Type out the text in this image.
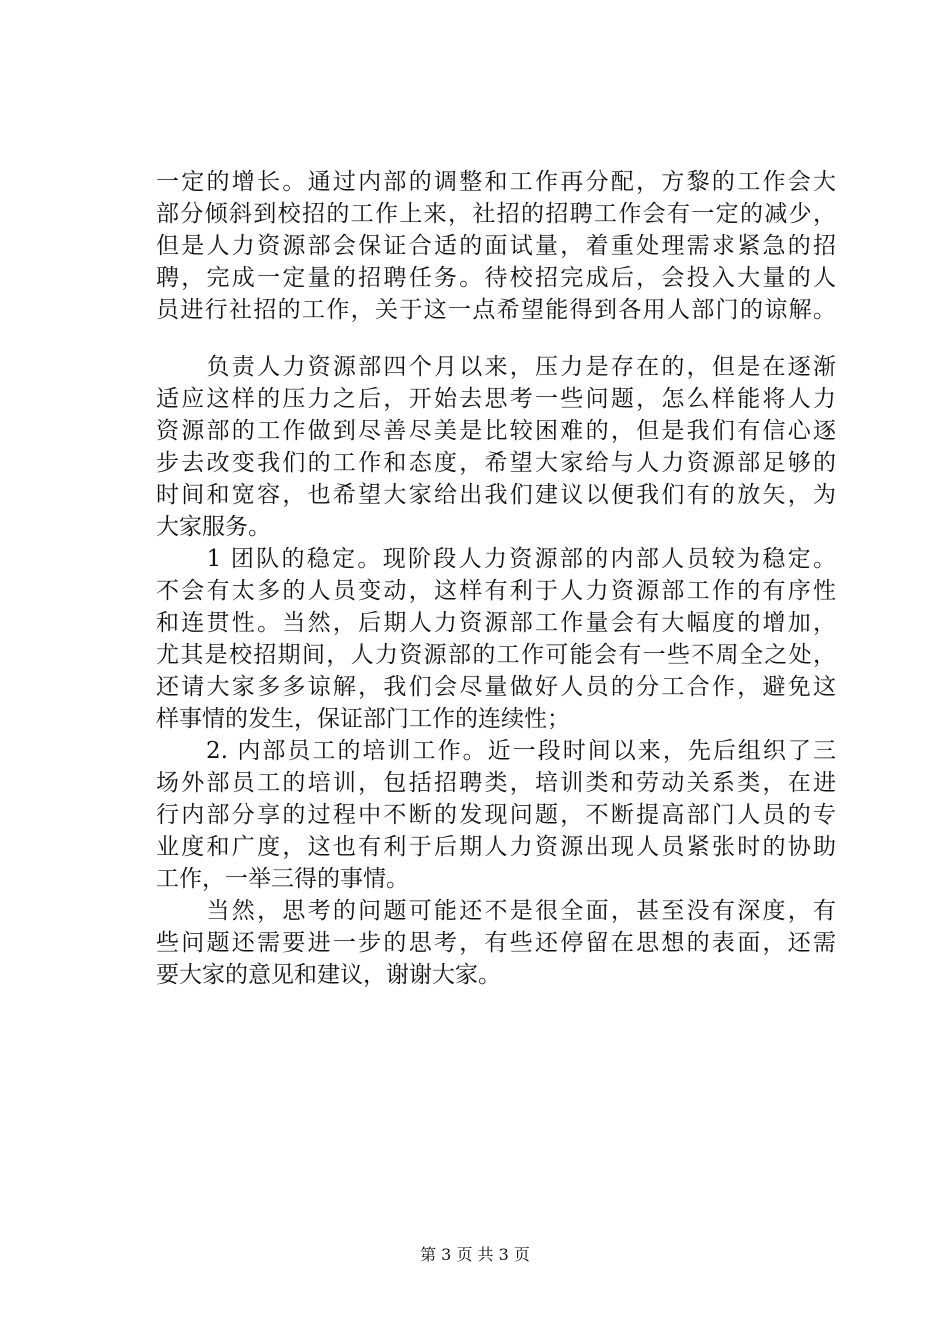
一定的增长。通过内部的调整和工作再分配，方黎的工作会大
部分倾斜到校招的工作上来，社招的招聘工作会有一定的减少，
但是人力资源部会保证合适的面试量，着重处理需求紧急的招
聘，完成一定量的招聘任务。待校招完成后，会投入大量的人
员进行社招的工作，关于这一点希望能得到各用人部门的谅解。
　　负责人力资源部四个月以来，压力是存在的，但是在逐渐
适应这样的压力之后，开始去思考一些问题，怎么样能将人力
资源部的工作做到尽善尽美是比较困难的，但是我们有信心逐
步去改变我们的工作和态度，希望大家给与人力资源部足够的
时间和宽容，也希望大家给出我们建议以便我们有的放矢，为
大家服务。
　　1 团队的稳定。现阶段人力资源部的内部人员较为稳定。
不会有太多的人员变动，这样有利于人力资源部工作的有序性
和连贯性。当然，后期人力资源部工作量会有大幅度的增加，
尤其是校招期间，人力资源部的工作可能会有一些不周全之处，
还请大家多多谅解，我们会尽量做好人员的分工合作，避免这
样事情的发生，保证部门工作的连续性；
　　2. 内部员工的培训工作。近一段时间以来，先后组织了三
场外部员工的培训，包括招聘类，培训类和劳动关系类，在进
行内部分享的过程中不断的发现问题，不断提高部门人员的专
业度和广度，这也有利于后期人力资源出现人员紧张时的协助
工作，一举三得的事情。
　　当然，思考的问题可能还不是很全面，甚至没有深度，有
些问题还需要进一步的思考，有些还停留在思想的表面，还需
要大家的意见和建议，谢谢大家。
第 3 页 共 3 页
